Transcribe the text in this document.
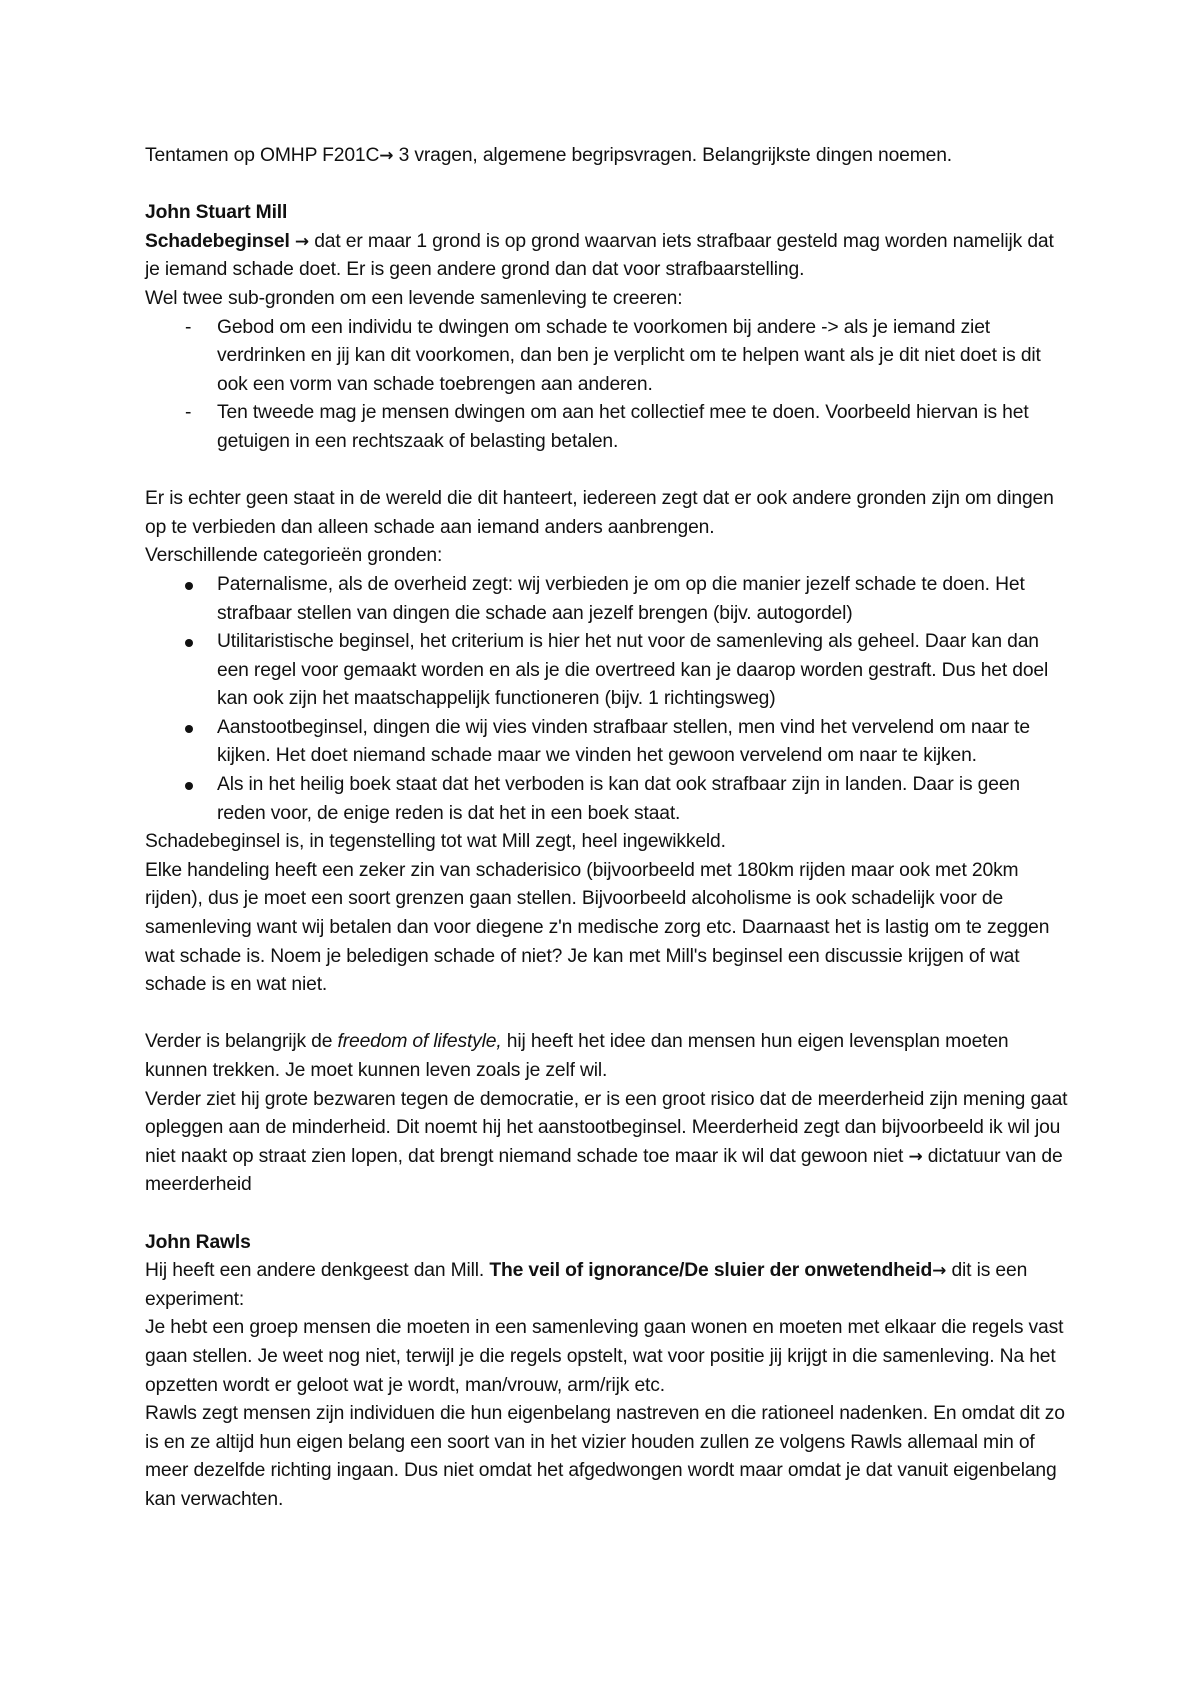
Tentamen op OMHP F201C→ 3 vragen, algemene begripsvragen. Belangrijkste dingen noemen.

John Stuart Mill

Schadebeginsel → dat er maar 1 grond is op grond waarvan iets strafbaar gesteld mag worden namelijk dat je iemand schade doet. Er is geen andere grond dan dat voor strafbaarstelling.

Wel twee sub-gronden om een levende samenleving te creeren:

- Gebod om een individu te dwingen om schade te voorkomen bij andere -> als je iemand ziet verdrinken en jij kan dit voorkomen, dan ben je verplicht om te helpen want als je dit niet doet is dit ook een vorm van schade toebrengen aan anderen.
- Ten tweede mag je mensen dwingen om aan het collectief mee te doen. Voorbeeld hiervan is het getuigen in een rechtszaak of belasting betalen.

Er is echter geen staat in de wereld die dit hanteert, iedereen zegt dat er ook andere gronden zijn om dingen op te verbieden dan alleen schade aan iemand anders aanbrengen.

Verschillende categorieën gronden:

Paternalisme, als de overheid zegt: wij verbieden je om op die manier jezelf schade te doen. Het strafbaar stellen van dingen die schade aan jezelf brengen (bijv. autogordel)
Utilitaristische beginsel, het criterium is hier het nut voor de samenleving als geheel. Daar kan dan een regel voor gemaakt worden en als je die overtreed kan je daarop worden gestraft. Dus het doel kan ook zijn het maatschappelijk functioneren (bijv. 1 richtingsweg)
Aanstootbeginsel, dingen die wij vies vinden strafbaar stellen, men vind het vervelend om naar te kijken. Het doet niemand schade maar we vinden het gewoon vervelend om naar te kijken.
Als in het heilig boek staat dat het verboden is kan dat ook strafbaar zijn in landen. Daar is geen reden voor, de enige reden is dat het in een boek staat.

Schadebeginsel is, in tegenstelling tot wat Mill zegt, heel ingewikkeld.

Elke handeling heeft een zeker zin van schaderisico (bijvoorbeeld met 180km rijden maar ook met 20km rijden), dus je moet een soort grenzen gaan stellen. Bijvoorbeeld alcoholisme is ook schadelijk voor de samenleving want wij betalen dan voor diegene z'n medische zorg etc. Daarnaast het is lastig om te zeggen wat schade is. Noem je beledigen schade of niet? Je kan met Mill's beginsel een discussie krijgen of wat schade is en wat niet.

Verder is belangrijk de freedom of lifestyle, hij heeft het idee dan mensen hun eigen levensplan moeten kunnen trekken. Je moet kunnen leven zoals je zelf wil.

Verder ziet hij grote bezwaren tegen de democratie, er is een groot risico dat de meerderheid zijn mening gaat opleggen aan de minderheid. Dit noemt hij het aanstootbeginsel. Meerderheid zegt dan bijvoorbeeld ik wil jou niet naakt op straat zien lopen, dat brengt niemand schade toe maar ik wil dat gewoon niet → dictatuur van de meerderheid

John Rawls

Hij heeft een andere denkgeest dan Mill. The veil of ignorance/De sluier der onwetendheid→ dit is een experiment:

Je hebt een groep mensen die moeten in een samenleving gaan wonen en moeten met elkaar die regels vast gaan stellen. Je weet nog niet, terwijl je die regels opstelt, wat voor positie jij krijgt in die samenleving. Na het opzetten wordt er geloot wat je wordt, man/vrouw, arm/rijk etc.

Rawls zegt mensen zijn individuen die hun eigenbelang nastreven en die rationeel nadenken. En omdat dit zo is en ze altijd hun eigen belang een soort van in het vizier houden zullen ze volgens Rawls allemaal min of meer dezelfde richting ingaan. Dus niet omdat het afgedwongen wordt maar omdat je dat vanuit eigenbelang kan verwachten.
